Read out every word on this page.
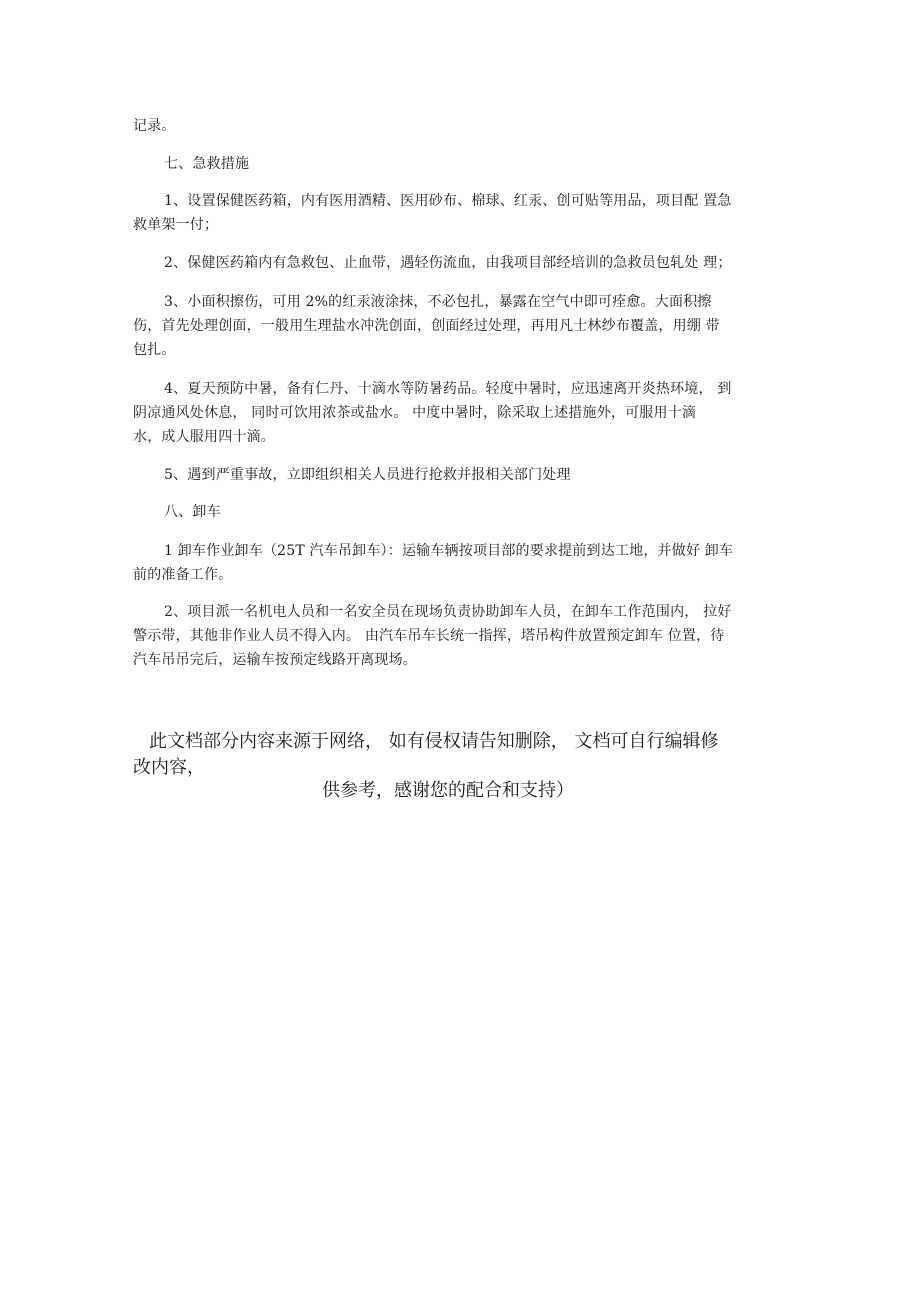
记录。

七、急救措施

1、设置保健医药箱，内有医用酒精、医用砂布、棉球、红汞、创可贴等用品，项目配 置急
救单架一付；

2、保健医药箱内有急救包、止血带，遇轻伤流血，由我项目部经培训的急救员包轧处 理；

3、小面积擦伤，可用 2%的红汞液涂抹，不必包扎，暴露在空气中即可痊愈。大面积擦
伤，首先处理创面，一般用生理盐水冲洗创面，创面经过处理，再用凡士林纱布覆盖，用绷 带
包扎。

4、夏天预防中暑，备有仁丹、十滴水等防暑药品。轻度中暑时，应迅速离开炎热环境， 到
阴凉通风处休息， 同时可饮用浓茶或盐水。 中度中暑时，除采取上述措施外，可服用十滴
水，成人服用四十滴。

5、遇到严重事故，立即组织相关人员进行抢救并报相关部门处理

八、卸车

1 卸车作业卸车（25T 汽车吊卸车）：运输车辆按项目部的要求提前到达工地，并做好 卸车
前的准备工作。

2、项目派一名机电人员和一名安全员在现场负责协助卸车人员，在卸车工作范围内， 拉好
警示带，其他非作业人员不得入内。 由汽车吊车长统一指挥，塔吊构件放置预定卸车 位置，待
汽车吊吊完后，运输车按预定线路开离现场。

此文档部分内容来源于网络， 如有侵权请告知删除， 文档可自行编辑修
改内容，

供参考，感谢您的配合和支持）
